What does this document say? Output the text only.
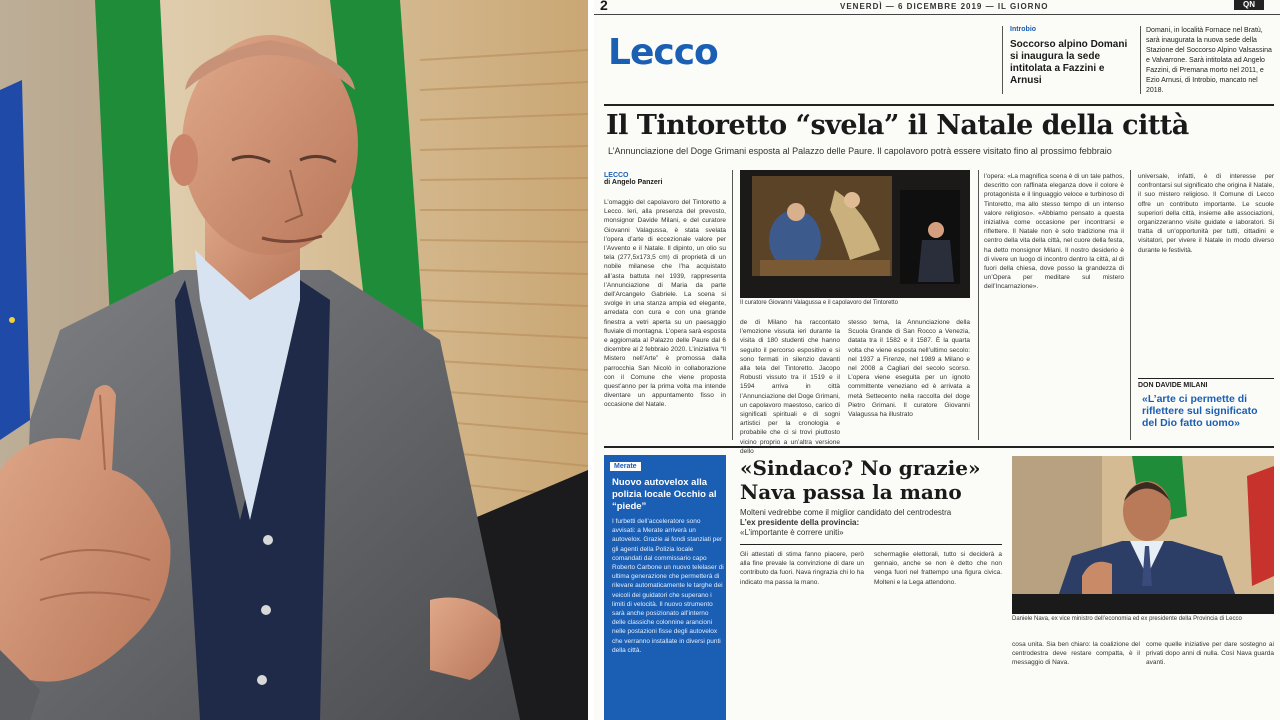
2	VENERDÌ — 6 DICEMBRE 2019 — IL GIORNO	QN
Lecco
Introbio
Soccorso alpino Domani si inaugura la sede intitolata a Fazzini e Arnusi
Domani, in località Fornace nel Bratù, sarà inaugurata la nuova sede della Stazione del Soccorso Alpino Valsassina e Valvarrone. Sarà intitolata ad Angelo Fazzini, di Premana morto nel 2011, e Ezio Arnusi, di Introbio, mancato nel 2018.
Il Tintoretto “svela” il Natale della città
L’Annunciazione del Doge Grimani esposta al Palazzo delle Paure. Il capolavoro potrà essere visitato fino al prossimo febbraio
LECCO
di Angelo Panzeri
L’omaggio del capolavoro del Tintoretto a Lecco. Ieri, alla presenza del prevosto, monsignor Davide Milani, e del curatore Giovanni Valagussa, è stata svelata l’opera d’arte di eccezionale valore per l’Avvento e il Natale. Il dipinto, un olio su tela (277,5x173,5 cm) di proprietà di un nobile milanese che l’ha acquistato all’asta battuta nel 1939, rappresenta l’Annunciazione di Maria da parte dell’Arcangelo Gabriele. La scena si svolge in una stanza ampia ed elegante, arredata con cura e con una grande finestra a vetri aperta su un paesaggio fluviale di montagna. L’opera sarà esposta e aggiornata al Palazzo delle Paure dal 6 dicembre al 2 febbraio 2020. L’iniziativa “Il Mistero nell’Arte” è promossa dalla parrocchia San Nicolò in collaborazione con il Comune che viene proposta quest’anno per la prima volta ma intende diventare un appuntamento fisso in occasione del Natale.
Il curatore Giovanni Valagussa e il capolavoro del Tintoretto
de di Milano ha raccontato l’emozione vissuta ieri durante la visita di 180 studenti che hanno seguito il percorso espositivo e si sono fermati in silenzio davanti alla tela del Tintoretto. Jacopo Robusti vissuto tra il 1519 e il 1594 arriva in città l’Annunciazione del Doge Grimani, un capolavoro maestoso, carico di significati spirituali e di sogni artistici per la cronologia e probabile che ci si trovi piuttosto vicino proprio a un’altra versione dello
stesso tema, la Annunciazione della Scuola Grande di San Rocco a Venezia, datata tra il 1582 e il 1587. È la quarta volta che viene esposta nell’ultimo secolo: nel 1937 a Firenze, nel 1989 a Milano e nel 2008 a Cagliari del secolo scorso. L’opera viene eseguita per un ignoto committente veneziano ed è arrivata a metà Settecento nella raccolta del doge Pietro Grimani. Il curatore Giovanni Valagussa ha illustrato
l’opera: «La magnifica scena è di un tale pathos, descritto con raffinata eleganza dove il colore è protagonista e il linguaggio veloce e turbinoso di Tintoretto, ma allo stesso tempo di un intenso valore religioso». «Abbiamo pensato a questa iniziativa come occasione per incontrarsi e riflettere. Il Natale non è solo tradizione ma il centro della vita della città, nel cuore della festa, ha detto monsignor Milani. Il nostro desiderio è di vivere un luogo di incontro dentro la città, al di fuori della chiesa, dove posso la grandezza di un’Opera per meditare sul mistero dell’Incarnazione».
universale, infatti, è di interesse per confrontarsi sul significato che origina il Natale, il suo mistero religioso. Il Comune di Lecco offre un contributo importante. Le scuole superiori della città, insieme alle associazioni, organizzeranno visite guidate e laboratori. Si tratta di un’opportunità per tutti, cittadini e visitatori, per vivere il Natale in modo diverso durante le festività.
DON DAVIDE MILANI
«L’arte ci permette di riflettere sul significato del Dio fatto uomo»
Merate
Nuovo autovelox alla polizia locale Occhio al “piede”
I furbetti dell’acceleratore sono avvisati: a Merate arriverà un autovelox. Grazie ai fondi stanziati per gli agenti della Polizia locale comandati dal commissario capo Roberto Carbone un nuovo telelaser di ultima generazione che permetterà di rilevare automaticamente le targhe dei veicoli dei guidatori che superano i limiti di velocità. Il nuovo strumento sarà anche posizionato all’interno delle classiche colonnine arancioni nelle postazioni fisse degli autovelox che verranno installate in diversi punti della città.
«Sindaco? No grazie» Nava passa la mano
Molteni vedrebbe come il miglior candidato del centrodestra
L’ex presidente della provincia:
«L’importante è correre uniti»
Gli attestati di stima fanno piacere, però alla fine prevale la convinzione di dare un contributo da fuori. Nava ringrazia chi lo ha indicato ma passa la mano.
schermaglie elettorali, tutto si deciderà a gennaio, anche se non è detto che non venga fuori nel frattempo una figura civica. Molteni e la Lega attendono.
Daniele Nava, ex vice ministro dell’economia ed ex presidente della Provincia di Lecco
cosa unita. Sia ben chiaro: la coalizione del centrodestra deve restare compatta, è il messaggio di Nava.
come quelle iniziative per dare sostegno ai privati dopo anni di nulla. Così Nava guarda avanti.
